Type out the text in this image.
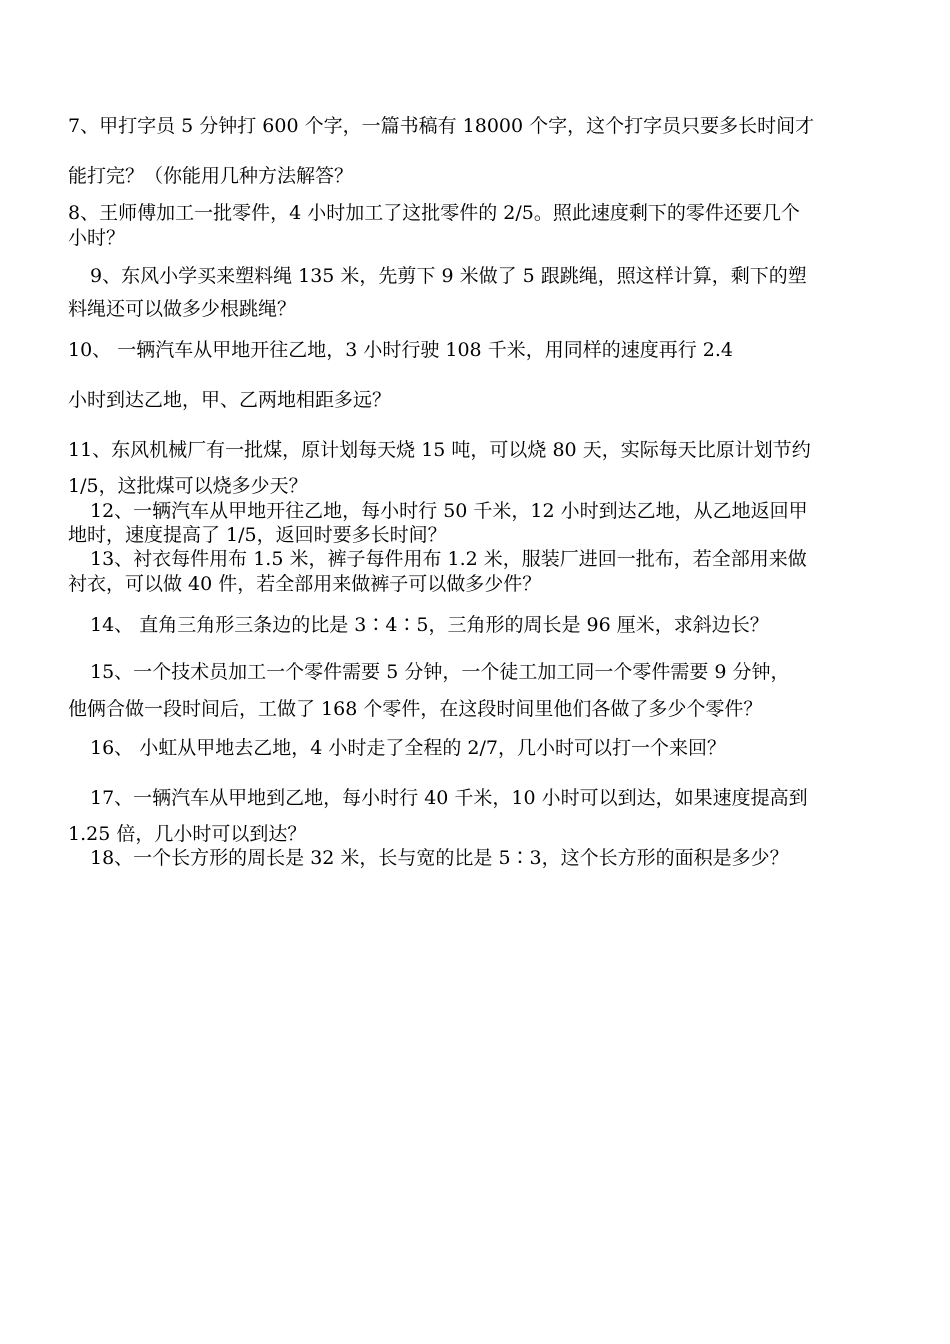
7、甲打字员 5 分钟打 600 个字，一篇书稿有 18000 个字，这个打字员只要多长时间才
能打完？（你能用几种方法解答？
8、王师傅加工一批零件，4 小时加工了这批零件的 2/5。照此速度剩下的零件还要几个
小时？
9、东风小学买来塑料绳 135 米，先剪下 9 米做了 5 跟跳绳，照这样计算，剩下的塑
料绳还可以做多少根跳绳？
10、 一辆汽车从甲地开往乙地，3 小时行驶 108 千米，用同样的速度再行 2.4
小时到达乙地，甲、乙两地相距多远？
11、东风机械厂有一批煤，原计划每天烧 15 吨，可以烧 80 天，实际每天比原计划节约
1/5，这批煤可以烧多少天？
12、一辆汽车从甲地开往乙地，每小时行 50 千米，12 小时到达乙地，从乙地返回甲
地时，速度提高了 1/5，返回时要多长时间？
13、衬衣每件用布 1.5 米，裤子每件用布 1.2 米，服装厂进回一批布，若全部用来做
衬衣，可以做 40 件，若全部用来做裤子可以做多少件？
14、 直角三角形三条边的比是 3∶4∶5，三角形的周长是 96 厘米，求斜边长？
15、一个技术员加工一个零件需要 5 分钟，一个徒工加工同一个零件需要 9 分钟，
他俩合做一段时间后，工做了 168 个零件，在这段时间里他们各做了多少个零件？
16、 小虹从甲地去乙地，4 小时走了全程的 2/7，几小时可以打一个来回？
17、一辆汽车从甲地到乙地，每小时行 40 千米，10 小时可以到达，如果速度提高到
1.25 倍，几小时可以到达？
18、一个长方形的周长是 32 米，长与宽的比是 5∶3，这个长方形的面积是多少？
